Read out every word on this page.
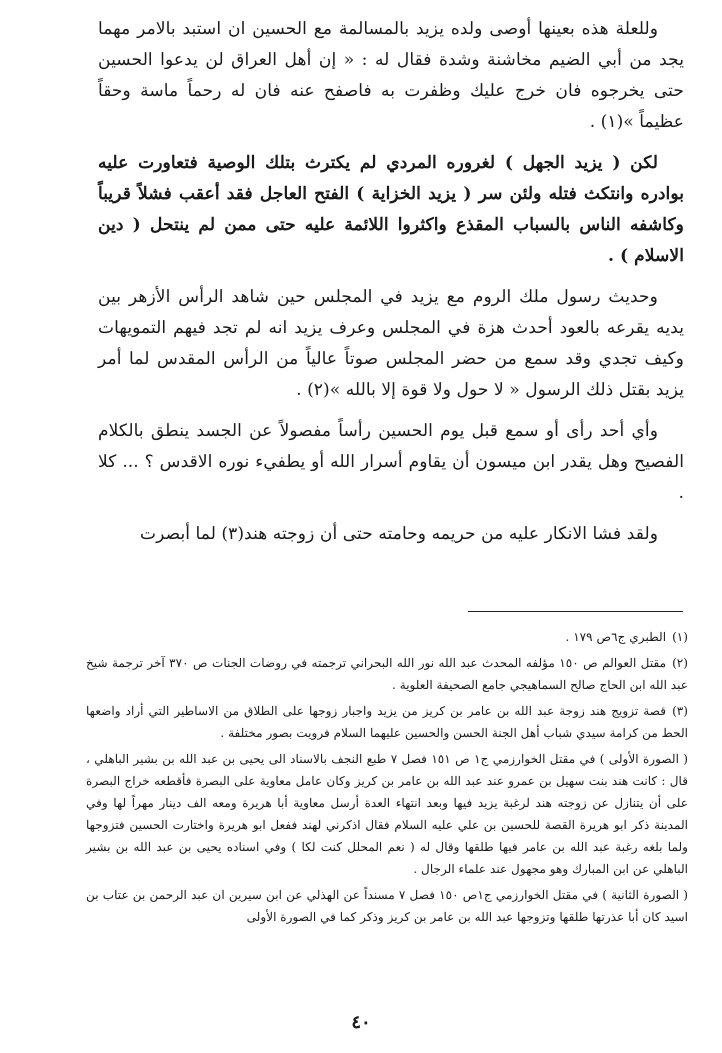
وللعلة هذه بعينها أوصى ولده يزيد بالمسالمة مع الحسين ان استبد بالامر مهما يجد من أبي الضيم مخاشنة وشدة فقال له : « إن أهل العراق لن يدعوا الحسين حتى يخرجوه فان خرج عليك وظفرت به فاصفح عنه فان له رحماً ماسة وحقاً عظيماً »(١) .

لكن ( يزيد الجهل ) لغروره المردي لم يكترث بتلك الوصية فتعاورت عليه بوادره وانتكث فتله ولئن سر ( يزيد الخزاية ) الفتح العاجل فقد أعقب فشلاً قريباً وكاشفه الناس بالسباب المقذع واكثروا اللائمة عليه حتى ممن لم ينتحل ( دين الاسلام ) .

وحديث رسول ملك الروم مع يزيد في المجلس حين شاهد الرأس الأزهر بين يديه يقرعه بالعود أحدث هزة في المجلس وعرف يزيد انه لم تجد فيهم التمويهات وكيف تجدي وقد سمع من حضر المجلس صوتاً عالياً من الرأس المقدس لما أمر يزيد بقتل ذلك الرسول « لا حول ولا قوة إلا بالله »(٢) .

وأي أحد رأى أو سمع قبل يوم الحسين رأساً مفصولاً عن الجسد ينطق بالكلام الفصيح وهل يقدر ابن ميسون أن يقاوم أسرار الله أو يطفيء نوره الاقدس ؟ ... كلا .

ولقد فشا الانكار عليه من حريمه وحامته حتى أن زوجته هند(٣) لما أبصرت

(١)الطبري ج٦ص ١٧٩ .

(٢)مقتل العوالم ص ١٥٠ مؤلفه المحدث عبد الله نور الله البحراني ترجمته في روضات الجنات ص ٣٧٠ آخر ترجمة شيخ عبد الله ابن الحاج صالح السماهيجي جامع الصحيفة العلوية .

(٣)قصة تزويج هند زوجة عبد الله بن عامر بن كريز من يزيد واجبار زوجها على الطلاق من الاساطير التي أراد واضعها الحط من كرامة سيدي شباب أهل الجنة الحسن والحسين عليهما السلام فرويت بصور مختلفة .

( الصورة الأولى ) في مقتل الخوارزمي ج١ ص ١٥١ فصل ٧ طبع النجف بالاسناد الى يحيى بن عبد الله بن بشير الباهلي ، قال : كانت هند بنت سهيل بن عمرو عند عبد الله بن عامر بن كريز وكان عامل معاوية على البصرة فأقطعه خراج البصرة على أن يتنازل عن زوجته هند لرغبة يزيد فيها وبعد انتهاء العدة أرسل معاوية أبا هريرة ومعه الف دينار مهراً لها وفي المدينة ذكر ابو هريرة القصة للحسين بن علي عليه السلام فقال اذكرني لهند ففعل ابو هريرة واختارت الحسين فتزوجها ولما بلغه رغبة عبد الله بن عامر فيها طلقها وقال له ( نعم المحلل كنت لكا ) وفي اسناده يحيى بن عبد الله بن بشير الباهلي عن ابن المبارك وهو مجهول عند علماء الرجال .

( الصورة الثانية ) في مقتل الخوارزمي ج١ص ١٥٠ فصل ٧ مسنداً عن الهذلي عن ابن سيرين ان عبد الرحمن بن عتاب بن اسيد كان أبا عذرتها طلقها وتزوجها عبد الله بن عامر بن كريز وذكر كما في الصورة الأولى

٤٠
